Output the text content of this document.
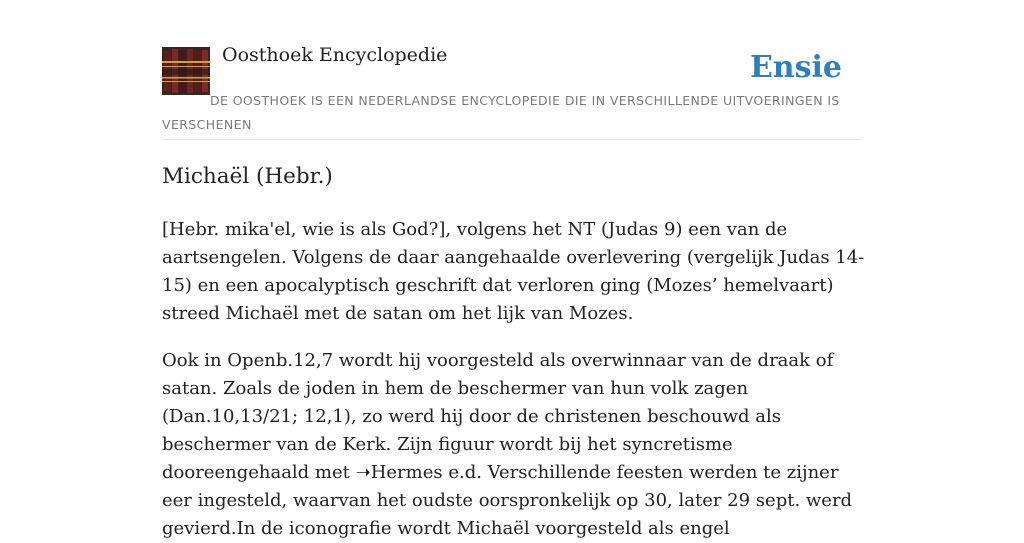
Oosthoek Encyclopedie	Ensie
DE OOSTHOEK IS EEN NEDERLANDSE ENCYCLOPEDIE DIE IN VERSCHILLENDE UITVOERINGEN IS VERSCHENEN
Michaël (Hebr.)

[Hebr. mika'el, wie is als God?], volgens het NT (Judas 9) een van de aartsengelen. Volgens de daar aangehaalde overlevering (vergelijk Judas 14-15) en een apocalyptisch geschrift dat verloren ging (Mozes’ hemelvaart) streed Michaël met de satan om het lijk van Mozes.

Ook in Openb.12,7 wordt hij voorgesteld als overwinnaar van de draak of satan. Zoals de joden in hem de beschermer van hun volk zagen (Dan.10,13/21; 12,1), zo werd hij door de christenen beschouwd als beschermer van de Kerk. Zijn figuur wordt bij het syncretisme dooreengehaald met ➝Hermes e.d. Verschillende feesten werden te zijner eer ingesteld, waarvan het oudste oorspronkelijk op 30, later 29 sept. werd gevierd.In de iconografie wordt Michaël voorgesteld als engel
